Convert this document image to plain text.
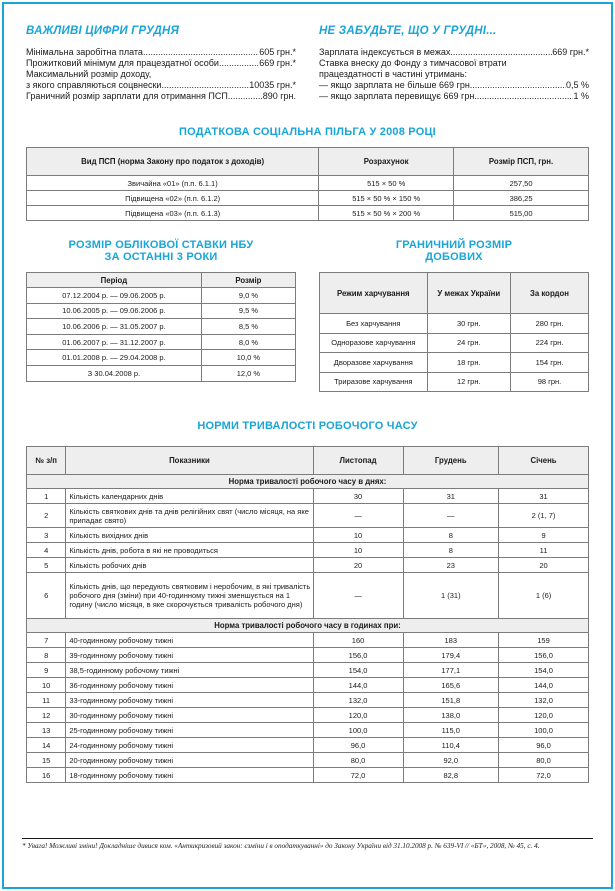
ВАЖЛИВІ ЦИФРИ ГРУДНЯ
Мінімальна заробітна плата .....	605 грн.*
Прожитковий мінімум для працездатної особи .....	669 грн.*
Максимальний розмір доходу,
з якого справляються соцвнески .....	10035 грн.*
Граничний розмір зарплати для отримання ПСП .....	890 грн.
НЕ ЗАБУДЬТЕ, ЩО У ГРУДНІ...
Зарплата індексується в межах .....	669 грн.*
Ставка внеску до Фонду з тимчасової втрати
працездатності в частині утримань:
— якщо зарплата не більше 669 грн. .....	0,5 %
— якщо зарплата перевищує 669 грн. .....	1 %
ПОДАТКОВА СОЦІАЛЬНА ПІЛЬГА У 2008 РОЦІ
Вид ПСП (норма Закону про податок з доходів)	Розрахунок	Розмір ПСП, грн.
Звичайна «01» (п.п. 6.1.1)	515 × 50 %	257,50
Підвищена «02» (п.п. 6.1.2)	515 × 50 % × 150 %	386,25
Підвищена «03» (п.п. 6.1.3)	515 × 50 % × 200 %	515,00
РОЗМІР ОБЛІКОВОЇ СТАВКИ НБУ
ЗА ОСТАННІ 3 РОКИ
Період	Розмір
07.12.2004 р. — 09.06.2005 р.	9,0 %
10.06.2005 р. — 09.06.2006 р.	9,5 %
10.06.2006 р. — 31.05.2007 р.	8,5 %
01.06.2007 р. — 31.12.2007 р.	8,0 %
01.01.2008 р. — 29.04.2008 р.	10,0 %
З 30.04.2008 р.	12,0 %
ГРАНИЧНИЙ РОЗМІР
ДОБОВИХ
Режим харчування	У межах України	За кордон
Без харчування	30 грн.	280 грн.
Одноразове харчування	24 грн.	224 грн.
Дворазове харчування	18 грн.	154 грн.
Триразове харчування	12 грн.	98 грн.
НОРМИ ТРИВАЛОСТІ РОБОЧОГО ЧАСУ
№ з/п	Показники	Листопад	Грудень	Січень
Норма тривалості робочого часу в днях:				
1	Кількість календарних днів	30	31	31
2	Кількість святкових днів та днів релігійних свят (число місяця, на яке припадає свято)	—	—	2 (1, 7)
3	Кількість вихідних днів	10	8	9
4	Кількість днів, робота в які не проводиться	10	8	11
5	Кількість робочих днів	20	23	20
6	Кількість днів, що передують святковим і неробочим, в які тривалість робочого дня (зміни) при 40-годинному тижні зменшується на 1 годину (число місяця, в яке скорочується тривалість робочого дня)	—	1 (31)	1 (6)
Норма тривалості робочого часу в годинах при:				
7	40-годинному робочому тижні	160	183	159
8	39-годинному робочому тижні	156,0	179,4	156,0
9	38,5-годинному робочому тижні	154,0	177,1	154,0
10	36-годинному робочому тижні	144,0	165,6	144,0
11	33-годинному робочому тижні	132,0	151,8	132,0
12	30-годинному робочому тижні	120,0	138,0	120,0
13	25-годинному робочому тижні	100,0	115,0	100,0
14	24-годинному робочому тижні	96,0	110,4	96,0
15	20-годинному робочому тижні	80,0	92,0	80,0
16	18-годинному робочому тижні	72,0	82,8	72,0
* Увага! Можливі зміни! Докладніше дивися ком. «Антикризовий закон: єзміни і в оподаткуванні» до Закону України від 31.10.2008 р. № 639-VI // «БТ», 2008, № 45, с. 4.
